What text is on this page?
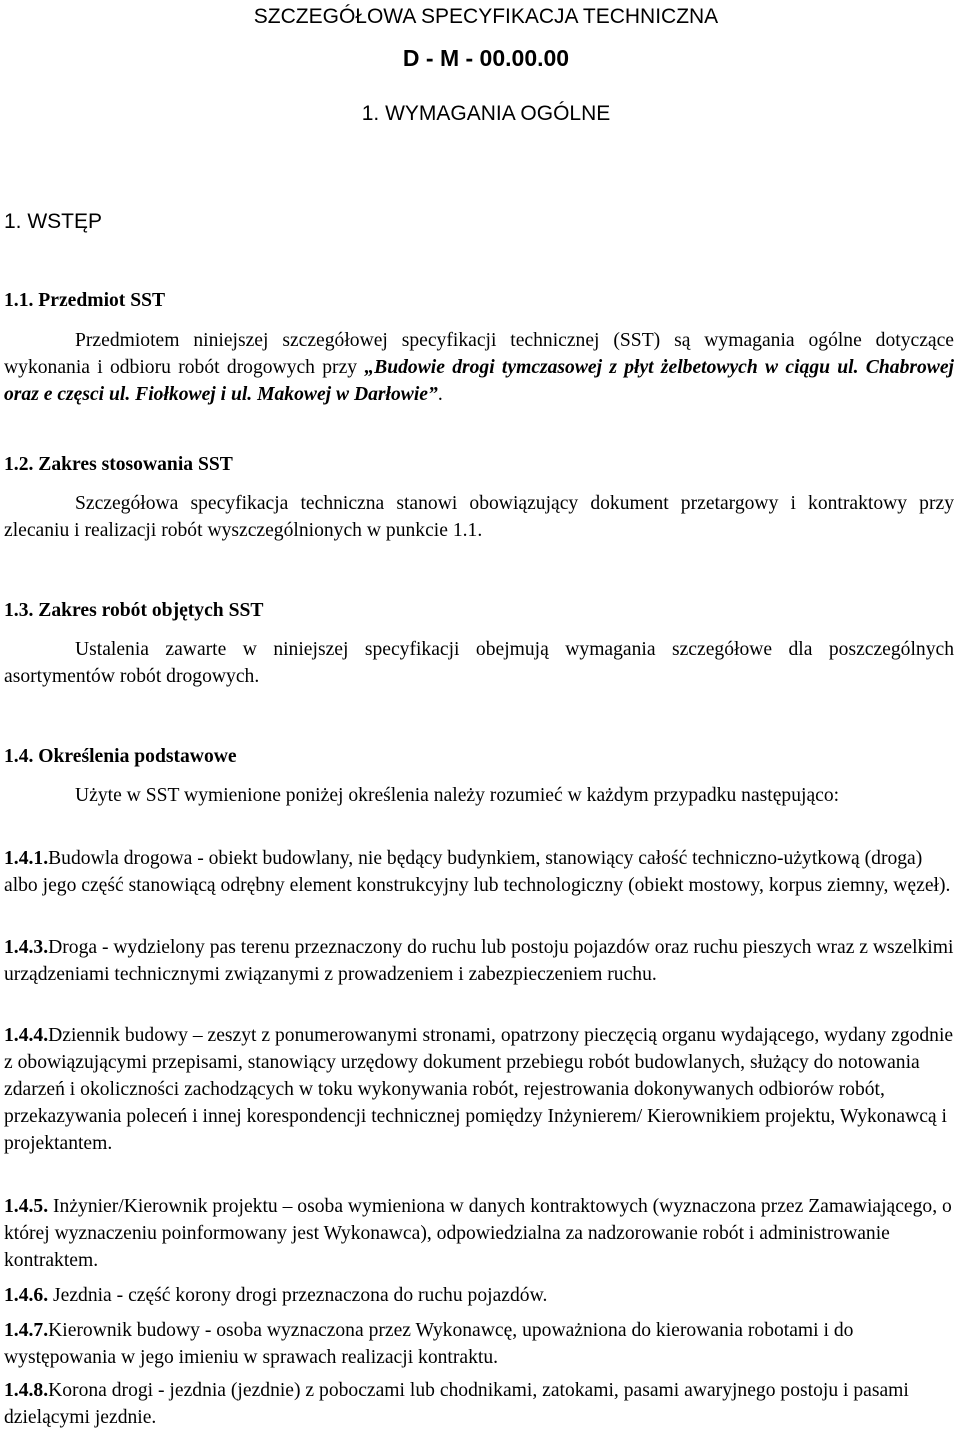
SZCZEGÓŁOWA SPECYFIKACJA TECHNICZNA
D - M - 00.00.00
1. WYMAGANIA OGÓLNE
1. WSTĘP
1.1. Przedmiot SST

Przedmiotem niniejszej szczegółowej specyfikacji technicznej (SST) są wymagania ogólne dotyczące wykonania i odbioru robót drogowych przy „Budowie drogi tymczasowej z płyt żelbetowych w ciągu ul. Chabrowej oraz e częsci ul. Fiołkowej i ul. Makowej w Darłowie”.

1.2. Zakres stosowania SST

Szczegółowa specyfikacja techniczna stanowi obowiązujący dokument przetargowy i kontraktowy przy zlecaniu i realizacji robót wyszczególnionych w punkcie 1.1.

1.3. Zakres robót objętych SST

Ustalenia zawarte w niniejszej specyfikacji obejmują wymagania szczegółowe dla poszczególnych asortymentów robót drogowych.

1.4. Określenia podstawowe

Użyte w SST wymienione poniżej określenia należy rozumieć w każdym przypadku następująco:

1.4.1.Budowla drogowa - obiekt budowlany, nie będący budynkiem, stanowiący całość techniczno-użytkową (droga) albo jego część stanowiącą odrębny element konstrukcyjny lub technologiczny (obiekt mostowy, korpus ziemny, węzeł).

1.4.3.Droga - wydzielony pas terenu przeznaczony do ruchu lub postoju pojazdów oraz ruchu pieszych wraz z wszelkimi urządzeniami technicznymi związanymi z prowadzeniem i zabezpieczeniem ruchu.

1.4.4.Dziennik budowy – zeszyt z ponumerowanymi stronami, opatrzony pieczęcią organu wydającego, wydany zgodnie z obowiązującymi przepisami, stanowiący urzędowy dokument przebiegu robót budowlanych, służący do notowania zdarzeń i okoliczności zachodzących w toku wykonywania robót, rejestrowania dokonywanych odbiorów robót, przekazywania poleceń i innej korespondencji technicznej pomiędzy Inżynierem/ Kierownikiem projektu, Wykonawcą i projektantem.

1.4.5. Inżynier/Kierownik projektu – osoba wymieniona w danych kontraktowych (wyznaczona przez Zamawiającego, o której wyznaczeniu poinformowany jest Wykonawca), odpowiedzialna za nadzorowanie robót i administrowanie kontraktem.

1.4.6. Jezdnia - część korony drogi przeznaczona do ruchu pojazdów.

1.4.7.Kierownik budowy - osoba wyznaczona przez Wykonawcę, upoważniona do kierowania robotami i do występowania w jego imieniu w sprawach realizacji kontraktu.

1.4.8.Korona drogi - jezdnia (jezdnie) z poboczami lub chodnikami, zatokami, pasami awaryjnego postoju i pasami dzielącymi jezdnie.
